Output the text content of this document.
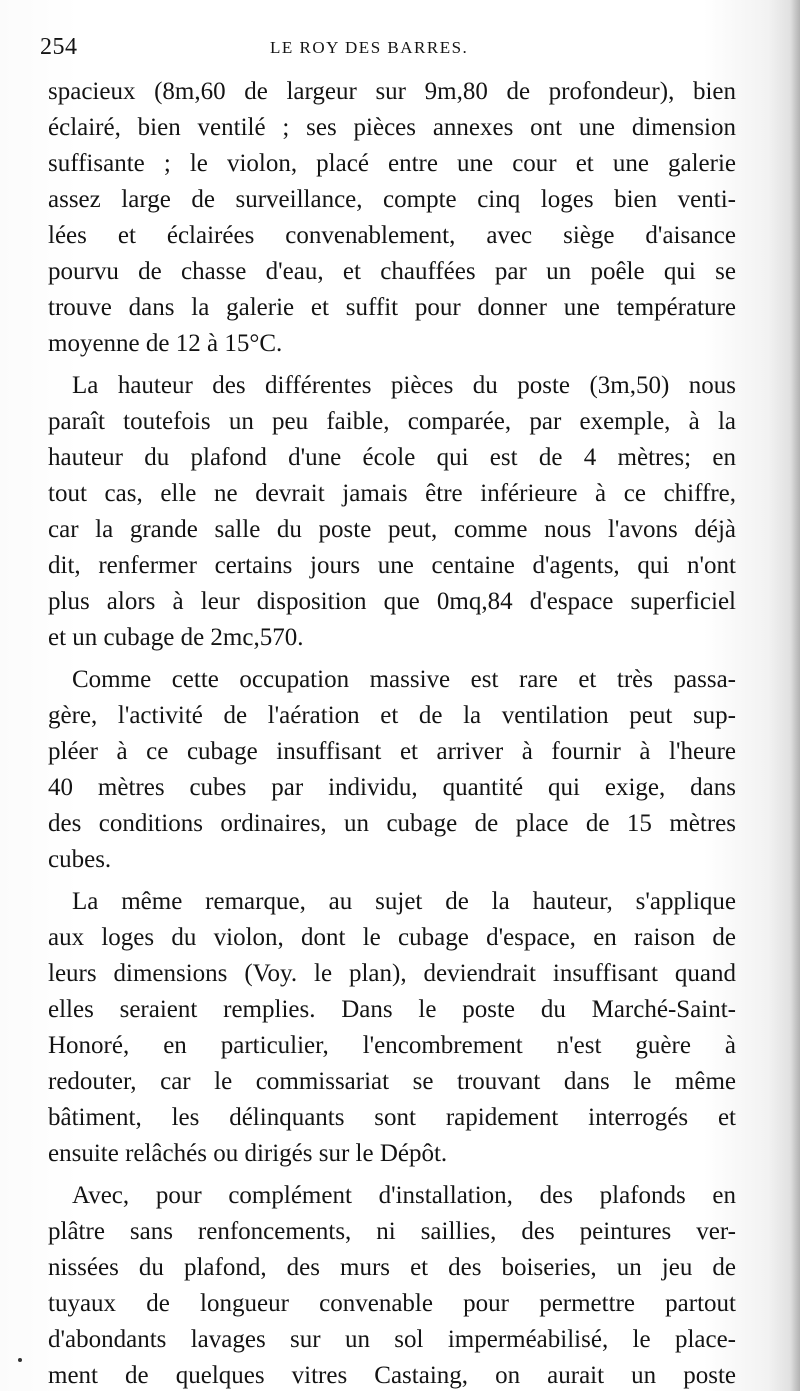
254	LE ROY DES BARRES.
spacieux (8m,60 de largeur sur 9m,80 de profondeur), bien
éclairé, bien ventilé ; ses pièces annexes ont une dimension
suffisante ; le violon, placé entre une cour et une galerie
assez large de surveillance, compte cinq loges bien venti-
lées et éclairées convenablement, avec siège d'aisance
pourvu de chasse d'eau, et chauffées par un poêle qui se
trouve dans la galerie et suffit pour donner une température
moyenne de 12 à 15°C.
La hauteur des différentes pièces du poste (3m,50) nous
paraît toutefois un peu faible, comparée, par exemple, à la
hauteur du plafond d'une école qui est de 4 mètres; en
tout cas, elle ne devrait jamais être inférieure à ce chiffre,
car la grande salle du poste peut, comme nous l'avons déjà
dit, renfermer certains jours une centaine d'agents, qui n'ont
plus alors à leur disposition que 0mq,84 d'espace superficiel
et un cubage de 2mc,570.
Comme cette occupation massive est rare et très passa-
gère, l'activité de l'aération et de la ventilation peut sup-
pléer à ce cubage insuffisant et arriver à fournir à l'heure
40 mètres cubes par individu, quantité qui exige, dans
des conditions ordinaires, un cubage de place de 15 mètres
cubes.
La même remarque, au sujet de la hauteur, s'applique
aux loges du violon, dont le cubage d'espace, en raison de
leurs dimensions (Voy. le plan), deviendrait insuffisant quand
elles seraient remplies. Dans le poste du Marché-Saint-
Honoré, en particulier, l'encombrement n'est guère à
redouter, car le commissariat se trouvant dans le même
bâtiment, les délinquants sont rapidement interrogés et
ensuite relâchés ou dirigés sur le Dépôt.
Avec, pour complément d'installation, des plafonds en
plâtre sans renfoncements, ni saillies, des peintures ver-
nissées du plafond, des murs et des boiseries, un jeu de
tuyaux de longueur convenable pour permettre partout
d'abondants lavages sur un sol imperméabilisé, le place-
ment de quelques vitres Castaing, on aurait un poste
